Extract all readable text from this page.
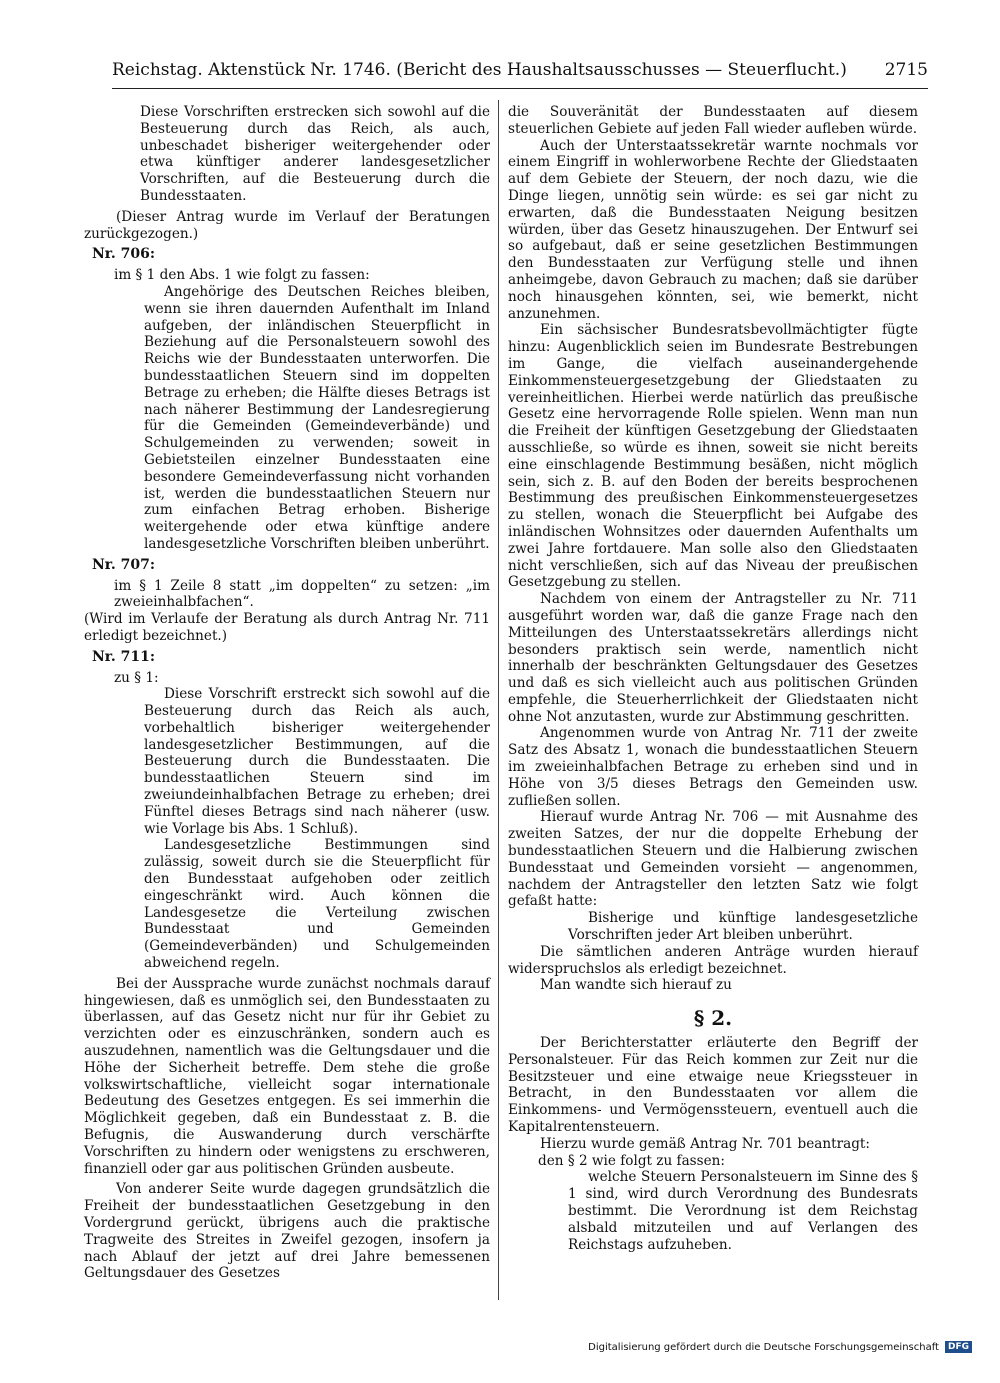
Reichstag. Aktenstück Nr. 1746. (Bericht des Haushaltsausschusses — Steuerflucht.) 2715

Diese Vorschriften erstrecken sich sowohl auf die Besteuerung durch das Reich, als auch, unbeschadet bisheriger weitergehender oder etwa künftiger anderer landesgesetzlicher Vorschriften, auf die Besteuerung durch die Bundesstaaten.

(Dieser Antrag wurde im Verlauf der Beratungen zurückgezogen.)

Nr. 706:

im § 1 den Abs. 1 wie folgt zu fassen:

Angehörige des Deutschen Reiches bleiben, wenn sie ihren dauernden Aufenthalt im Inland aufgeben, der inländischen Steuerpflicht in Beziehung auf die Personalsteuern sowohl des Reichs wie der Bundesstaaten unterworfen. Die bundesstaatlichen Steuern sind im doppelten Betrage zu erheben; die Hälfte dieses Betrags ist nach näherer Bestimmung der Landesregierung für die Gemeinden (Gemeindeverbände) und Schulgemeinden zu verwenden; soweit in Gebietsteilen einzelner Bundesstaaten eine besondere Gemeindeverfassung nicht vorhanden ist, werden die bundesstaatlichen Steuern nur zum einfachen Betrag erhoben. Bisherige weitergehende oder etwa künftige andere landesgesetzliche Vorschriften bleiben unberührt.

Nr. 707:

im § 1 Zeile 8 statt „im doppelten“ zu setzen: „im zweieinhalbfachen“.

(Wird im Verlaufe der Beratung als durch Antrag Nr. 711 erledigt bezeichnet.)

Nr. 711:

zu § 1:

Diese Vorschrift erstreckt sich sowohl auf die Besteuerung durch das Reich als auch, vorbehaltlich bisheriger weitergehender landesgesetzlicher Bestimmungen, auf die Besteuerung durch die Bundesstaaten. Die bundesstaatlichen Steuern sind im zweiundeinhalbfachen Betrage zu erheben; drei Fünftel dieses Betrags sind nach näherer (usw. wie Vorlage bis Abs. 1 Schluß).

Landesgesetzliche Bestimmungen sind zulässig, soweit durch sie die Steuerpflicht für den Bundesstaat aufgehoben oder zeitlich eingeschränkt wird. Auch können die Landesgesetze die Verteilung zwischen Bundesstaat und Gemeinden (Gemeindeverbänden) und Schulgemeinden abweichend regeln.

Bei der Aussprache wurde zunächst nochmals darauf hingewiesen, daß es unmöglich sei, den Bundesstaaten zu überlassen, auf das Gesetz nicht nur für ihr Gebiet zu verzichten oder es einzuschränken, sondern auch es auszudehnen, namentlich was die Geltungsdauer und die Höhe der Sicherheit betreffe. Dem stehe die große volkswirtschaftliche, vielleicht sogar internationale Bedeutung des Gesetzes entgegen. Es sei immerhin die Möglichkeit gegeben, daß ein Bundesstaat z. B. die Befugnis, die Auswanderung durch verschärfte Vorschriften zu hindern oder wenigstens zu erschweren, finanziell oder gar aus politischen Gründen ausbeute.

Von anderer Seite wurde dagegen grundsätzlich die Freiheit der bundesstaatlichen Gesetzgebung in den Vordergrund gerückt, übrigens auch die praktische Tragweite des Streites in Zweifel gezogen, insofern ja nach Ablauf der jetzt auf drei Jahre bemessenen Geltungsdauer des Gesetzes

die Souveränität der Bundesstaaten auf diesem steuerlichen Gebiete auf jeden Fall wieder aufleben würde.

Auch der Unterstaatssekretär warnte nochmals vor einem Eingriff in wohlerworbene Rechte der Gliedstaaten auf dem Gebiete der Steuern, der noch dazu, wie die Dinge liegen, unnötig sein würde: es sei gar nicht zu erwarten, daß die Bundesstaaten Neigung besitzen würden, über das Gesetz hinauszugehen. Der Entwurf sei so aufgebaut, daß er seine gesetzlichen Bestimmungen den Bundesstaaten zur Verfügung stelle und ihnen anheimgebe, davon Gebrauch zu machen; daß sie darüber noch hinausgehen könnten, sei, wie bemerkt, nicht anzunehmen.

Ein sächsischer Bundesratsbevollmächtigter fügte hinzu: Augenblicklich seien im Bundesrate Bestrebungen im Gange, die vielfach auseinandergehende Einkommensteuergesetzgebung der Gliedstaaten zu vereinheitlichen. Hierbei werde natürlich das preußische Gesetz eine hervorragende Rolle spielen. Wenn man nun die Freiheit der künftigen Gesetzgebung der Gliedstaaten ausschließe, so würde es ihnen, soweit sie nicht bereits eine einschlagende Bestimmung besäßen, nicht möglich sein, sich z. B. auf den Boden der bereits besprochenen Bestimmung des preußischen Einkommensteuergesetzes zu stellen, wonach die Steuerpflicht bei Aufgabe des inländischen Wohnsitzes oder dauernden Aufenthalts um zwei Jahre fortdauere. Man solle also den Gliedstaaten nicht verschließen, sich auf das Niveau der preußischen Gesetzgebung zu stellen.

Nachdem von einem der Antragsteller zu Nr. 711 ausgeführt worden war, daß die ganze Frage nach den Mitteilungen des Unterstaatssekretärs allerdings nicht besonders praktisch sein werde, namentlich nicht innerhalb der beschränkten Geltungsdauer des Gesetzes und daß es sich vielleicht auch aus politischen Gründen empfehle, die Steuerherrlichkeit der Gliedstaaten nicht ohne Not anzutasten, wurde zur Abstimmung geschritten.

Angenommen wurde von Antrag Nr. 711 der zweite Satz des Absatz 1, wonach die bundesstaatlichen Steuern im zweieinhalbfachen Betrage zu erheben sind und in Höhe von 3/5 dieses Betrags den Gemeinden usw. zufließen sollen.

Hierauf wurde Antrag Nr. 706 — mit Ausnahme des zweiten Satzes, der nur die doppelte Erhebung der bundesstaatlichen Steuern und die Halbierung zwischen Bundesstaat und Gemeinden vorsieht — angenommen, nachdem der Antragsteller den letzten Satz wie folgt gefaßt hatte:

Bisherige und künftige landesgesetzliche Vorschriften jeder Art bleiben unberührt.

Die sämtlichen anderen Anträge wurden hierauf widerspruchslos als erledigt bezeichnet.

Man wandte sich hierauf zu

§ 2.

Der Berichterstatter erläuterte den Begriff der Personalsteuer. Für das Reich kommen zur Zeit nur die Besitzsteuer und eine etwaige neue Kriegssteuer in Betracht, in den Bundesstaaten vor allem die Einkommens- und Vermögenssteuern, eventuell auch die Kapitalrentensteuern.

Hierzu wurde gemäß Antrag Nr. 701 beantragt:

den § 2 wie folgt zu fassen:

welche Steuern Personalsteuern im Sinne des § 1 sind, wird durch Verordnung des Bundesrats bestimmt. Die Verordnung ist dem Reichstag alsbald mitzuteilen und auf Verlangen des Reichstags aufzuheben.

Digitalisierung gefördert durch die Deutsche Forschungsgemeinschaft	DFG
